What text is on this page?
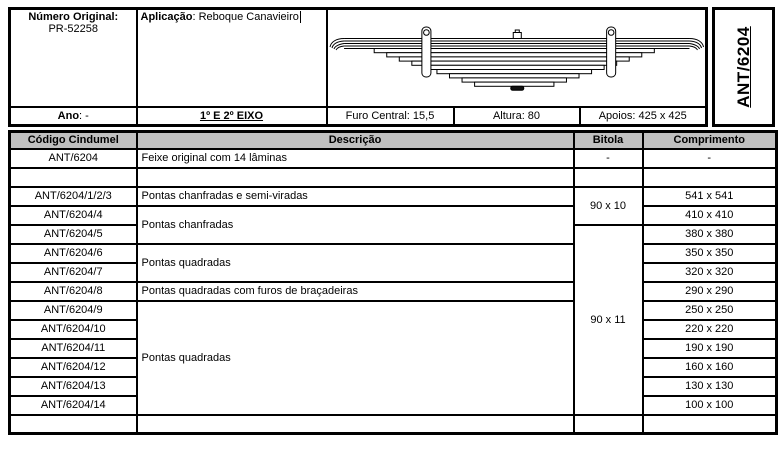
Número Original:
PR-52258	Aplicação: Reboque Canavieiro	

Ano: -	1º E 2º EIXO	Furo Central: 15,5	Altura: 80	Apoios: 425 x 425
ANT/6204
Código Cindumel	Descrição	Bitola	Comprimento
ANT/6204	Feixe original com 14 lâminas	-	-

ANT/6204/1/2/3	Pontas chanfradas e semi-viradas	90 x 10	541 x 541
ANT/6204/4	Pontas chanfradas		410 x 410
ANT/6204/5		90 x 11	380 x 380
ANT/6204/6	Pontas quadradas		350 x 350
ANT/6204/7			320 x 320
ANT/6204/8	Pontas quadradas com furos de braçadeiras		290 x 290
ANT/6204/9	Pontas quadradas		250 x 250
ANT/6204/10			220 x 220
ANT/6204/11			190 x 190
ANT/6204/12			160 x 160
ANT/6204/13			130 x 130
ANT/6204/14			100 x 100
